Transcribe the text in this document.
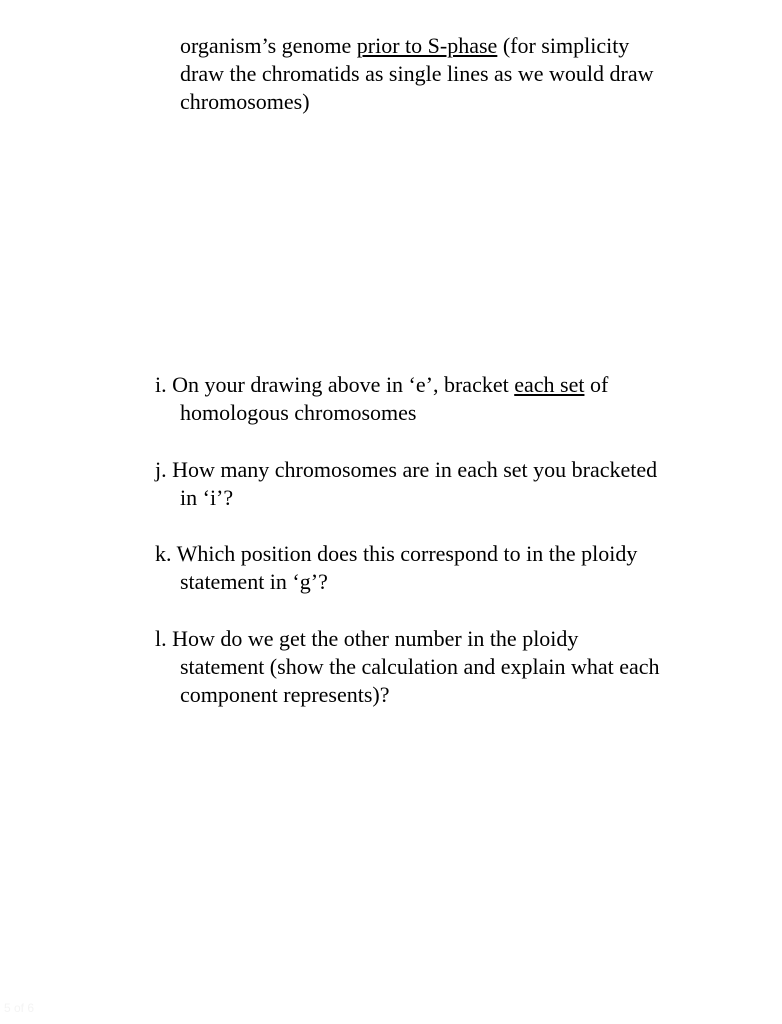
organism’s genome prior to S-phase (for simplicity

draw the chromatids as single lines as we would draw

chromosomes)

i. On your drawing above in ‘e’, bracket each set of

homologous chromosomes

j. How many chromosomes are in each set you bracketed

in ‘i’?

k. Which position does this correspond to in the ploidy

statement in ‘g’?

l. How do we get the other number in the ploidy

statement (show the calculation and explain what each

component represents)?

5 of 6
